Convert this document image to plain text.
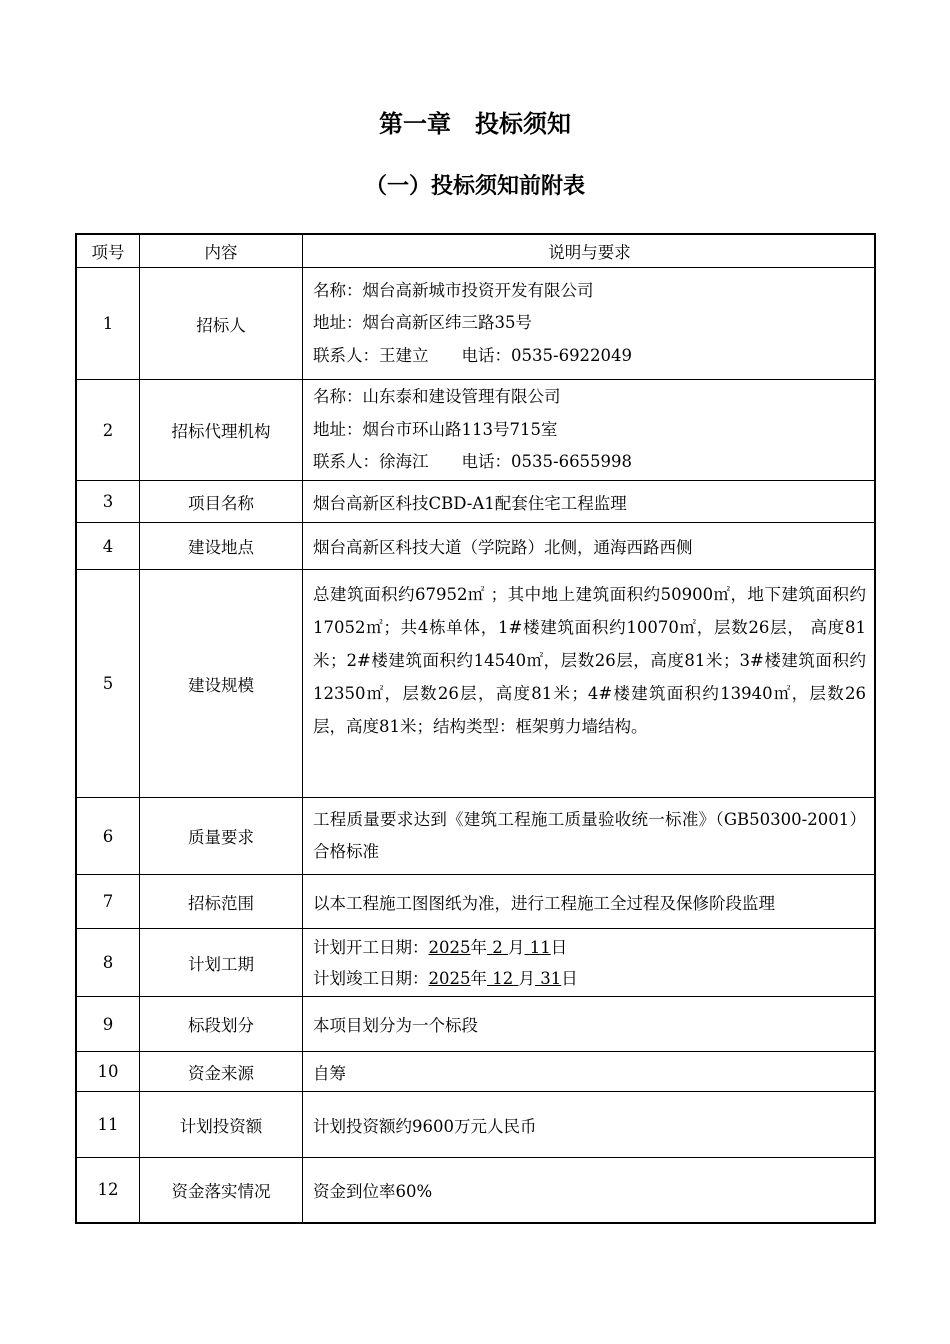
第一章　投标须知
（一）投标须知前附表
项号	内容	说明与要求
1	招标人	名称：烟台高新城市投资开发有限公司
地址：烟台高新区纬三路35号
联系人：王建立　　电话：0535-6922049

2	招标代理机构	名称：山东泰和建设管理有限公司
地址：烟台市环山路113号715室
联系人：徐海江　　电话：0535-6655998

3	项目名称	烟台高新区科技CBD-A1配套住宅工程监理
4	建设地点	烟台高新区科技大道（学院路）北侧，通海西路西侧
5	建设规模	总建筑面积约67952㎡ ；其中地上建筑面积约50900㎡，地下建筑面积约17052㎡；共4栋单体，1#楼建筑面积约10070㎡，层数26层， 高度81米；2#楼建筑面积约14540㎡，层数26层，高度81米；3#楼建筑面积约12350㎡，层数26层，高度81米；4#楼建筑面积约13940㎡，层数26层，高度81米；结构类型：框架剪力墙结构。

6	质量要求	工程质量要求达到《建筑工程施工质量验收统一标准》（GB50300-2001）合格标准

7	招标范围	以本工程施工图图纸为准，进行工程施工全过程及保修阶段监理
8	计划工期	计划开工日期：2025年 2 月 11日
计划竣工日期：2025年 12 月 31日

9	标段划分	本项目划分为一个标段
10	资金来源	自筹
11	计划投资额	计划投资额约9600万元人民币
12	资金落实情况	资金到位率60%
